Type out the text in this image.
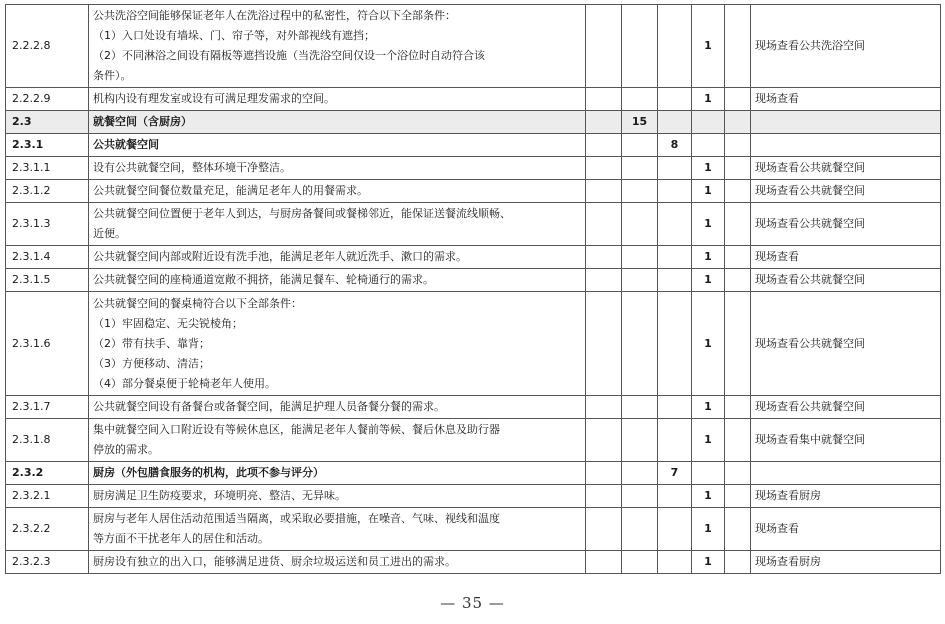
2.2.2.8	公共洗浴空间能够保证老年人在洗浴过程中的私密性，符合以下全部条件：
（1）入口处设有墙垛、门、帘子等，对外部视线有遮挡；
（2）不同淋浴之间设有隔板等遮挡设施（当洗浴空间仅设一个浴位时自动符合该
条件）。				1		现场查看公共洗浴空间
2.2.2.9	机构内设有理发室或设有可满足理发需求的空间。				1		现场查看
2.3	就餐空间（含厨房）		15				
2.3.1	公共就餐空间			8			
2.3.1.1	设有公共就餐空间，整体环境干净整洁。				1		现场查看公共就餐空间
2.3.1.2	公共就餐空间餐位数量充足，能满足老年人的用餐需求。				1		现场查看公共就餐空间
2.3.1.3	公共就餐空间位置便于老年人到达，与厨房备餐间或餐梯邻近，能保证送餐流线顺畅、
近便。				1		现场查看公共就餐空间
2.3.1.4	公共就餐空间内部或附近设有洗手池，能满足老年人就近洗手、漱口的需求。				1		现场查看
2.3.1.5	公共就餐空间的座椅通道宽敞不拥挤，能满足餐车、轮椅通行的需求。				1		现场查看公共就餐空间
2.3.1.6	公共就餐空间的餐桌椅符合以下全部条件：
（1）牢固稳定、无尖锐棱角；
（2）带有扶手、靠背；
（3）方便移动、清洁；
（4）部分餐桌便于轮椅老年人使用。				1		现场查看公共就餐空间
2.3.1.7	公共就餐空间设有备餐台或备餐空间，能满足护理人员备餐分餐的需求。				1		现场查看公共就餐空间
2.3.1.8	集中就餐空间入口附近设有等候休息区，能满足老年人餐前等候、餐后休息及助行器
停放的需求。				1		现场查看集中就餐空间
2.3.2	厨房（外包膳食服务的机构，此项不参与评分）			7			
2.3.2.1	厨房满足卫生防疫要求，环境明亮、整洁、无异味。				1		现场查看厨房
2.3.2.2	厨房与老年人居住活动范围适当隔离，或采取必要措施，在噪音、气味、视线和温度
等方面不干扰老年人的居住和活动。				1		现场查看
2.3.2.3	厨房设有独立的出入口，能够满足进货、厨余垃圾运送和员工进出的需求。				1		现场查看厨房
— 35 —
